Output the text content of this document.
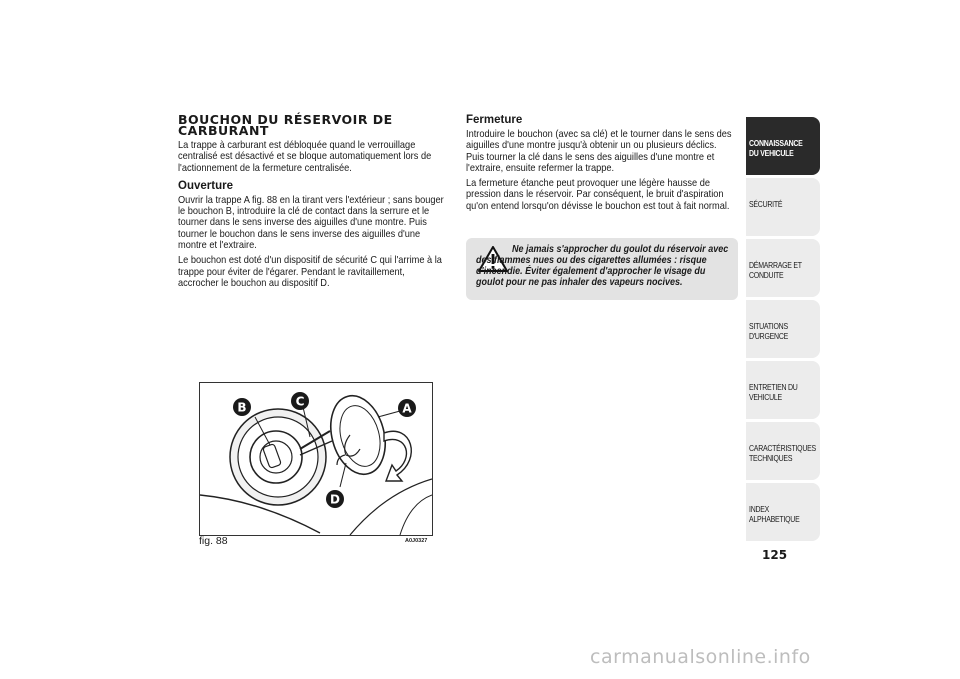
BOUCHON DU RÉSERVOIR DE CARBURANT

La trappe à carburant est débloquée quand le verrouillage centralisé est désactivé et se bloque automatiquement lors de l'actionnement de la fermeture centralisée.

Ouverture

Ouvrir la trappe A fig. 88 en la tirant vers l'extérieur ; sans bouger le bouchon B, introduire la clé de contact dans la serrure et le tourner dans le sens inverse des aiguilles d'une montre. Puis tourner le bouchon dans le sens inverse des aiguilles d'une montre et l'extraire.

Le bouchon est doté d'un dispositif de sécurité C qui l'arrime à la trappe pour éviter de l'égarer. Pendant le ravitaillement, accrocher le bouchon au dispositif D.

Fermeture

Introduire le bouchon (avec sa clé) et le tourner dans le sens des aiguilles d'une montre jusqu'à obtenir un ou plusieurs déclics. Puis tourner la clé dans le sens des aiguilles d'une montre et l'extraire, ensuite refermer la trappe.

La fermeture étanche peut provoquer une légère hausse de pression dans le réservoir. Par conséquent, le bruit d'aspiration qu'on entend lorsqu'on dévisse le bouchon est tout à fait normal.

Ne jamais s'approcher du goulot du réservoir avec des flammes nues ou des cigarettes allumées : risque d'incendie. Éviter également d'approcher le visage du goulot pour ne pas inhaler des vapeurs nocives.

B	C	A
D
fig. 88	A0J0327
CONNAISSANCE
DU VEHICULE
SÉCURITÉ
DÉMARRAGE ET
CONDUITE
SITUATIONS
D'URGENCE
ENTRETIEN DU
VEHICULE
CARACTÉRISTIQUES
TECHNIQUES
INDEX
ALPHABETIQUE
125
carmanualsonline.info
